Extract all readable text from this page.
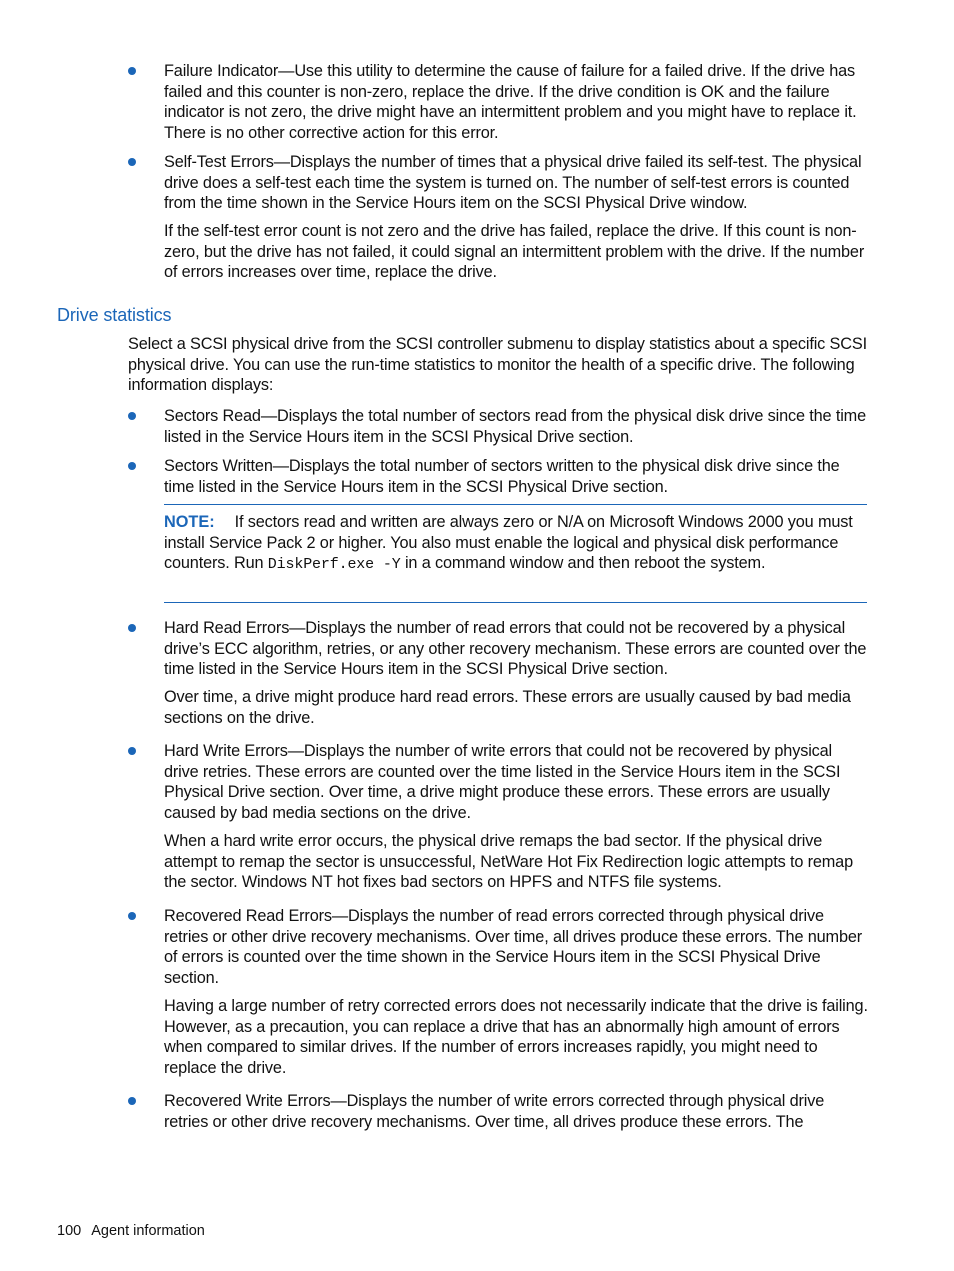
Failure Indicator—Use this utility to determine the cause of failure for a failed drive. If the drive has failed and this counter is non-zero, replace the drive. If the drive condition is OK and the failure indicator is not zero, the drive might have an intermittent problem and you might have to replace it. There is no other corrective action for this error.

Self-Test Errors—Displays the number of times that a physical drive failed its self-test. The physical drive does a self-test each time the system is turned on. The number of self-test errors is counted from the time shown in the Service Hours item on the SCSI Physical Drive window.

If the self-test error count is not zero and the drive has failed, replace the drive. If this count is non-zero, but the drive has not failed, it could signal an intermittent problem with the drive. If the number of errors increases over time, replace the drive.

Drive statistics

Select a SCSI physical drive from the SCSI controller submenu to display statistics about a specific SCSI physical drive. You can use the run-time statistics to monitor the health of a specific drive. The following information displays:

Sectors Read—Displays the total number of sectors read from the physical disk drive since the time listed in the Service Hours item in the SCSI Physical Drive section.

Sectors Written—Displays the total number of sectors written to the physical disk drive since the time listed in the Service Hours item in the SCSI Physical Drive section.

NOTE: If sectors read and written are always zero or N/A on Microsoft Windows 2000 you must install Service Pack 2 or higher. You also must enable the logical and physical disk performance counters. Run DiskPerf.exe -Y in a command window and then reboot the system.

Hard Read Errors—Displays the number of read errors that could not be recovered by a physical drive’s ECC algorithm, retries, or any other recovery mechanism. These errors are counted over the time listed in the Service Hours item in the SCSI Physical Drive section.

Over time, a drive might produce hard read errors. These errors are usually caused by bad media sections on the drive.

Hard Write Errors—Displays the number of write errors that could not be recovered by physical drive retries. These errors are counted over the time listed in the Service Hours item in the SCSI Physical Drive section. Over time, a drive might produce these errors. These errors are usually caused by bad media sections on the drive.

When a hard write error occurs, the physical drive remaps the bad sector. If the physical drive attempt to remap the sector is unsuccessful, NetWare Hot Fix Redirection logic attempts to remap the sector. Windows NT hot fixes bad sectors on HPFS and NTFS file systems.

Recovered Read Errors—Displays the number of read errors corrected through physical drive retries or other drive recovery mechanisms. Over time, all drives produce these errors. The number of errors is counted over the time shown in the Service Hours item in the SCSI Physical Drive section.

Having a large number of retry corrected errors does not necessarily indicate that the drive is failing. However, as a precaution, you can replace a drive that has an abnormally high amount of errors when compared to similar drives. If the number of errors increases rapidly, you might need to replace the drive.

Recovered Write Errors—Displays the number of write errors corrected through physical drive retries or other drive recovery mechanisms. Over time, all drives produce these errors. The

100 Agent information
